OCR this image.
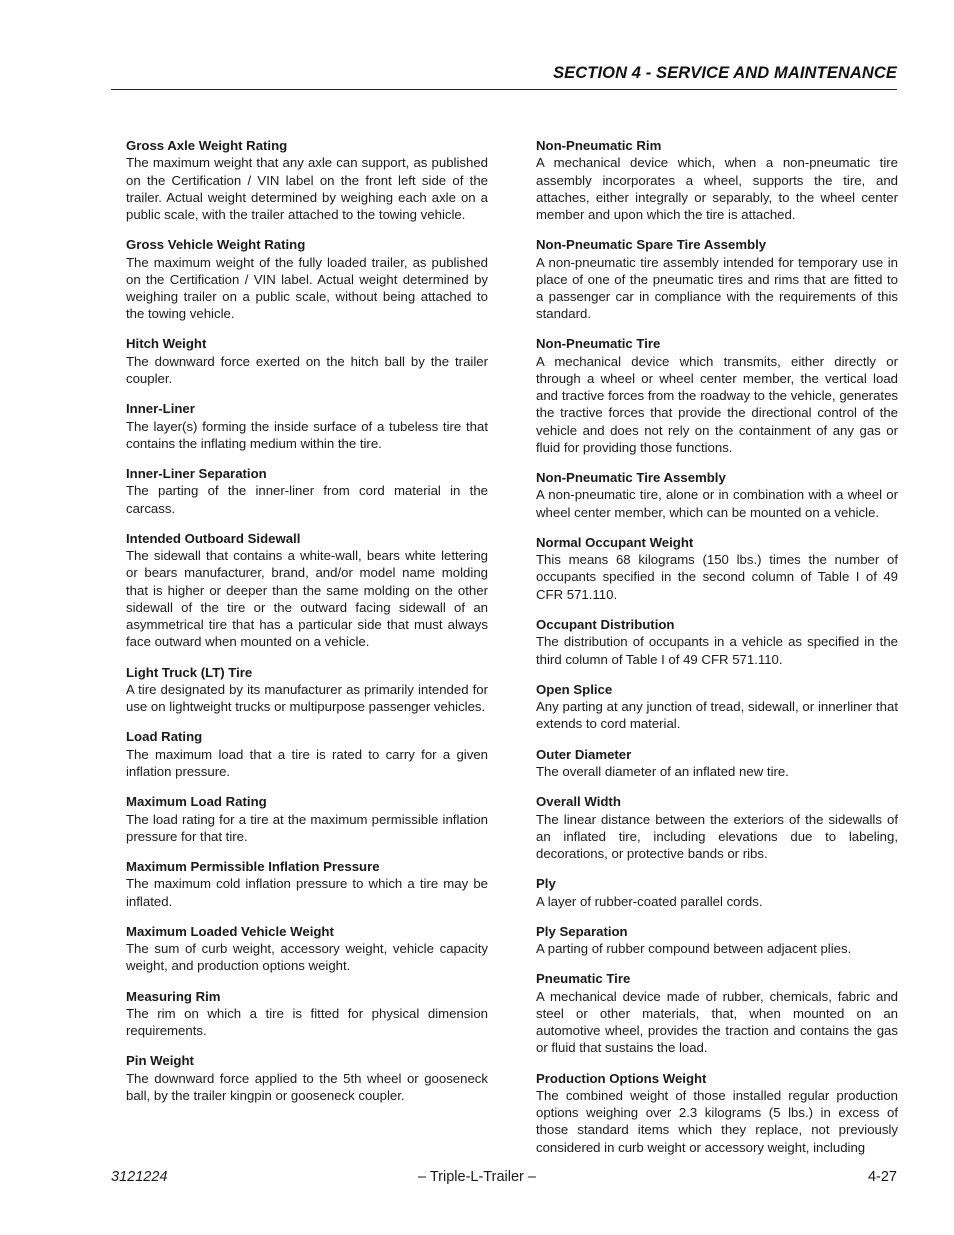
SECTION 4 - SERVICE AND MAINTENANCE
Gross Axle Weight Rating
The maximum weight that any axle can support, as published on the Certification / VIN label on the front left side of the trailer. Actual weight determined by weighing each axle on a public scale, with the trailer attached to the towing vehicle.
Gross Vehicle Weight Rating
The maximum weight of the fully loaded trailer, as published on the Certification / VIN label. Actual weight determined by weighing trailer on a public scale, without being attached to the towing vehicle.
Hitch Weight
The downward force exerted on the hitch ball by the trailer coupler.
Inner-Liner
The layer(s) forming the inside surface of a tubeless tire that contains the inflating medium within the tire.
Inner-Liner Separation
The parting of the inner-liner from cord material in the carcass.
Intended Outboard Sidewall
The sidewall that contains a white-wall, bears white lettering or bears manufacturer, brand, and/or model name molding that is higher or deeper than the same molding on the other sidewall of the tire or the outward facing sidewall of an asymmetrical tire that has a particular side that must always face outward when mounted on a vehicle.
Light Truck (LT) Tire
A tire designated by its manufacturer as primarily intended for use on lightweight trucks or multipurpose passenger vehicles.
Load Rating
The maximum load that a tire is rated to carry for a given inflation pressure.
Maximum Load Rating
The load rating for a tire at the maximum permissible inflation pressure for that tire.
Maximum Permissible Inflation Pressure
The maximum cold inflation pressure to which a tire may be inflated.
Maximum Loaded Vehicle Weight
The sum of curb weight, accessory weight, vehicle capacity weight, and production options weight.
Measuring Rim
The rim on which a tire is fitted for physical dimension requirements.
Pin Weight
The downward force applied to the 5th wheel or gooseneck ball, by the trailer kingpin or gooseneck coupler.
Non-Pneumatic Rim
A mechanical device which, when a non-pneumatic tire assembly incorporates a wheel, supports the tire, and attaches, either integrally or separably, to the wheel center member and upon which the tire is attached.
Non-Pneumatic Spare Tire Assembly
A non-pneumatic tire assembly intended for temporary use in place of one of the pneumatic tires and rims that are fitted to a passenger car in compliance with the requirements of this standard.
Non-Pneumatic Tire
A mechanical device which transmits, either directly or through a wheel or wheel center member, the vertical load and tractive forces from the roadway to the vehicle, generates the tractive forces that provide the directional control of the vehicle and does not rely on the containment of any gas or fluid for providing those functions.
Non-Pneumatic Tire Assembly
A non-pneumatic tire, alone or in combination with a wheel or wheel center member, which can be mounted on a vehicle.
Normal Occupant Weight
This means 68 kilograms (150 lbs.) times the number of occupants specified in the second column of Table I of 49 CFR 571.110.
Occupant Distribution
The distribution of occupants in a vehicle as specified in the third column of Table I of 49 CFR 571.110.
Open Splice
Any parting at any junction of tread, sidewall, or innerliner that extends to cord material.
Outer Diameter
The overall diameter of an inflated new tire.
Overall Width
The linear distance between the exteriors of the sidewalls of an inflated tire, including elevations due to labeling, decorations, or protective bands or ribs.
Ply
A layer of rubber-coated parallel cords.
Ply Separation
A parting of rubber compound between adjacent plies.
Pneumatic Tire
A mechanical device made of rubber, chemicals, fabric and steel or other materials, that, when mounted on an automotive wheel, provides the traction and contains the gas or fluid that sustains the load.
Production Options Weight
The combined weight of those installed regular production options weighing over 2.3 kilograms (5 lbs.) in excess of those standard items which they replace, not previously considered in curb weight or accessory weight, including
3121224	– Triple-L-Trailer –	4-27
